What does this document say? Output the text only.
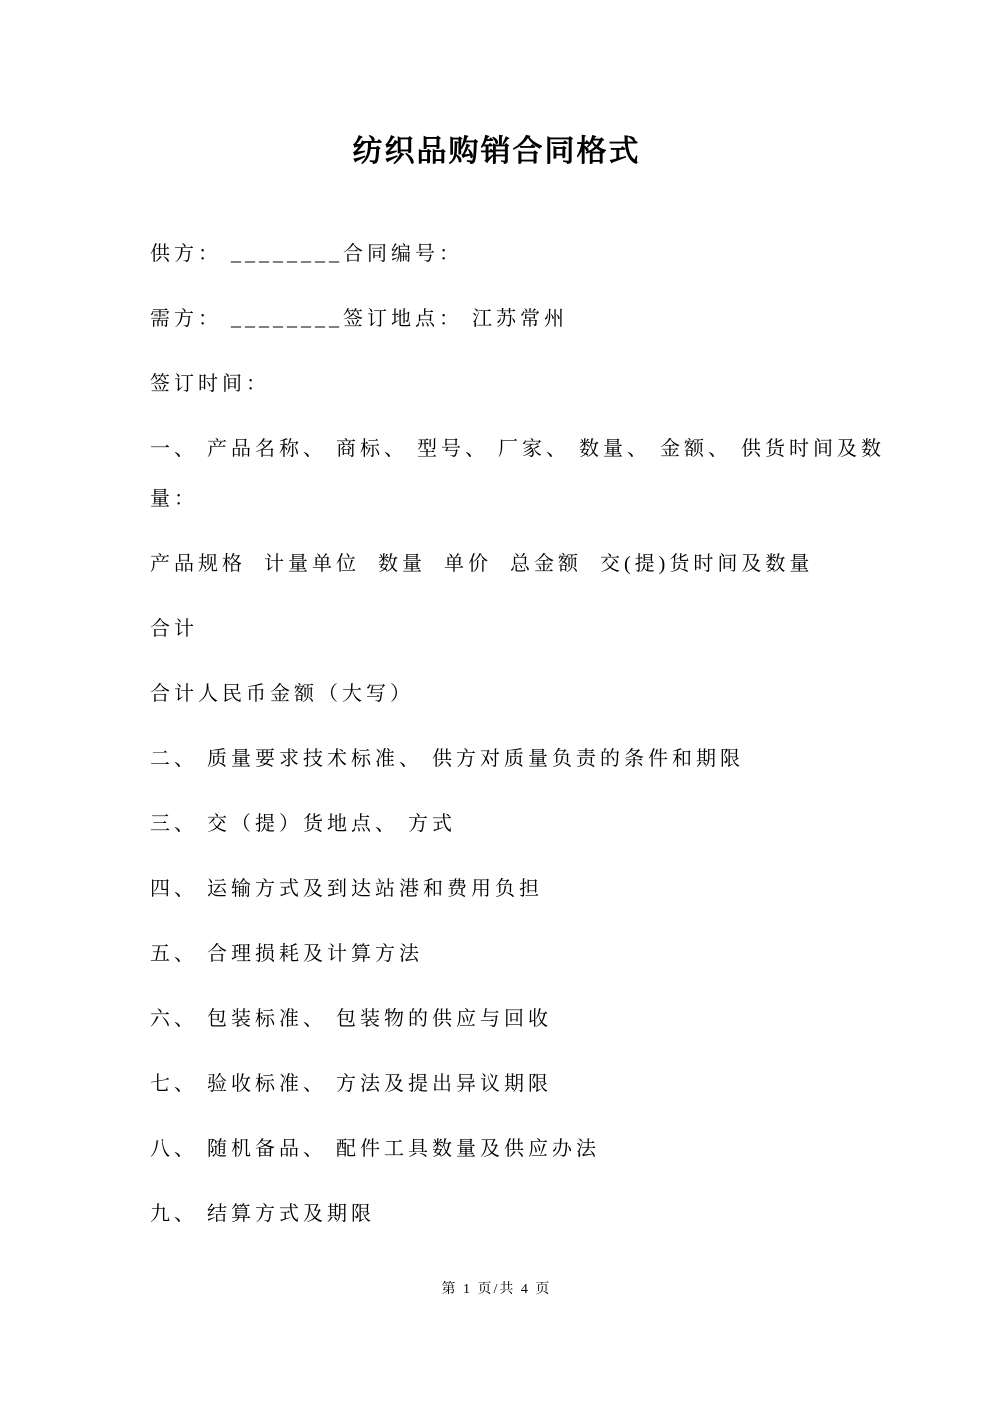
纺织品购销合同格式

供方： ________合同编号：

需方： ________签订地点： 江苏常州

签订时间：

一、 产品名称、 商标、 型号、 厂家、 数量、 金额、 供货时间及数

量：

产品规格  计量单位  数量  单价  总金额  交(提)货时间及数量

合计

合计人民币金额（大写）

二、 质量要求技术标准、 供方对质量负责的条件和期限

三、 交（提）货地点、 方式

四、 运输方式及到达站港和费用负担

五、 合理损耗及计算方法

六、 包装标准、 包装物的供应与回收

七、 验收标准、 方法及提出异议期限

八、 随机备品、 配件工具数量及供应办法

九、 结算方式及期限

第 1 页/共 4 页
